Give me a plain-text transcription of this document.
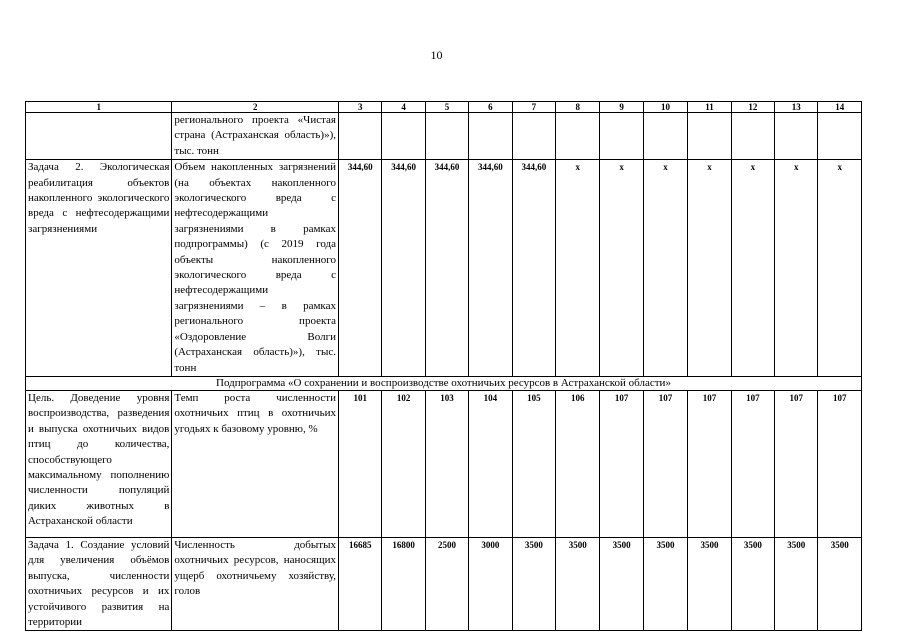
10
1	2	3	4	5	6	7	8	9	10	11	12	13	14
	регионального проекта «Чистая страна (Астраханская область)»), тыс. тонн												
Задача 2. Экологическая реабилитация объектов накопленного экологического вреда с нефтесодержащими загрязнениями	Объем накопленных загрязнений (на объектах накопленного экологического вреда с нефтесодержащими загрязнениями в рамках подпрограммы) (с 2019 года объекты накопленного экологического вреда с нефтесодержащими загрязнениями – в рамках регионального проекта «Оздоровление Волги (Астраханская область)»), тыс. тонн	344,60	344,60	344,60	344,60	344,60	х	х	х	х	х	х	х
Подпрограмма «О сохранении и воспроизводстве охотничьих ресурсов в Астраханской области»													
Цель. Доведение уровня воспроизводства, разведения и выпуска охотничьих видов птиц до количества, способствующего максимальному пополнению численности популяций диких животных в Астраханской области	Темп роста численности охотничьих птиц в охотничьих угодьях к базовому уровню, %	101	102	103	104	105	106	107	107	107	107	107	107
Задача 1. Создание условий для увеличения объёмов выпуска, численности охотничьих ресурсов и их устойчивого развития на территории	Численность добытых охотничьих ресурсов, наносящих ущерб охотничьему хозяйству, голов	16685	16800	2500	3000	3500	3500	3500	3500	3500	3500	3500	3500
